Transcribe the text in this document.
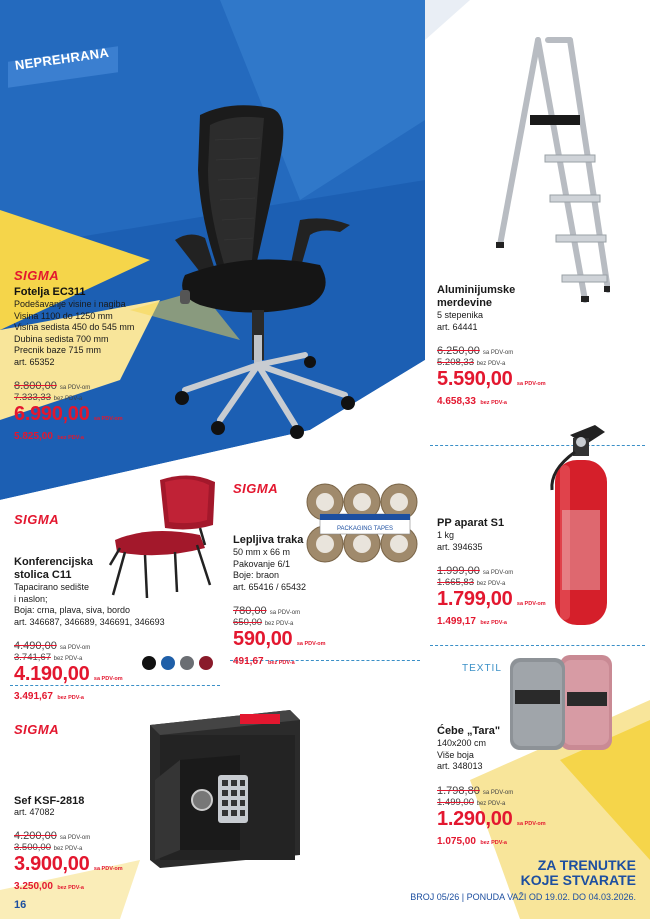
NEPREHRANA
SIGMA
Fotelja EC311
Podešavanje visine i nagiba
Visina 1100 do 1250 mm
Visina sedista 450 do 545 mm
Dubina sedista 700 mm
Precnik baze 715 mm
art. 65352
8.800,00 sa PDV-om
7.333,33 bez PDV-a
6.990,00 sa PDV-om
5.825,00 bez PDV-a
Aluminijumske
merdevine
5 stepenika
art. 64441
6.250,00 sa PDV-om
5.208,33 bez PDV-a
5.590,00 sa PDV-om
4.658,33 bez PDV-a
SIGMA
Konferencijska
stolica C11
Tapacirano sedište
i naslon;
Boja: crna, plava, siva, bordo
art. 346687, 346689, 346691, 346693
4.490,00 sa PDV-om
3.741,67 bez PDV-a
4.190,00 sa PDV-om
3.491,67 bez PDV-a
SIGMA
PACKAGING TAPES
Lepljiva traka
50 mm x 66 m
Pakovanje 6/1
Boje: braon
art. 65416 / 65432
780,00 sa PDV-om
650,00 bez PDV-a
590,00 sa PDV-om
491,67 bez PDV-a
PP aparat S1
1 kg
art. 394635
1.999,00 sa PDV-om
1.665,83 bez PDV-a
1.799,00 sa PDV-om
1.499,17 bez PDV-a
SIGMA
Sef KSF-2818
art. 47082
4.200,00 sa PDV-om
3.500,00 bez PDV-a
3.900,00 sa PDV-om
3.250,00 bez PDV-a
TEXTIL
Ćebe „Tara"
140x200 cm
Više boja
art. 348013
1.798,80 sa PDV-om
1.499,00 bez PDV-a
1.290,00 sa PDV-om
1.075,00 bez PDV-a
ZA TRENUTKE
KOJE STVARATE
BROJ 05/26 | PONUDA VAŽI OD 19.02. DO 04.03.2026.
16
